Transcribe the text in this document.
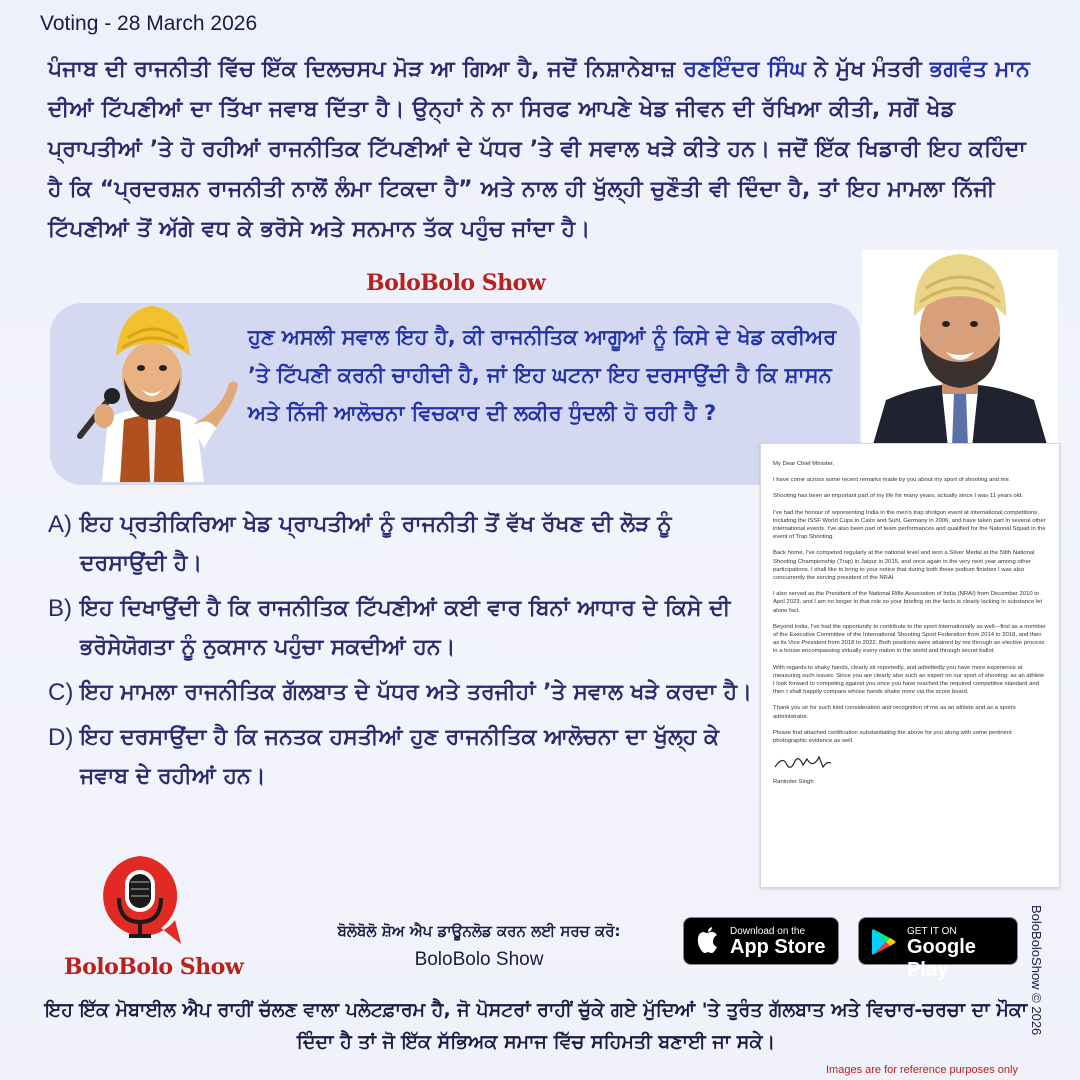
Voting - 28 March 2026
ਪੰਜਾਬ ਦੀ ਰਾਜਨੀਤੀ ਵਿੱਚ ਇੱਕ ਦਿਲਚਸਪ ਮੋੜ ਆ ਗਿਆ ਹੈ, ਜਦੋਂ ਨਿਸ਼ਾਨੇਬਾਜ਼ ਰਣਇੰਦਰ ਸਿੰਘ ਨੇ ਮੁੱਖ ਮੰਤਰੀ ਭਗਵੰਤ ਮਾਨ ਦੀਆਂ ਟਿੱਪਣੀਆਂ ਦਾ ਤਿੱਖਾ ਜਵਾਬ ਦਿੱਤਾ ਹੈ। ਉਨ੍ਹਾਂ ਨੇ ਨਾ ਸਿਰਫ ਆਪਣੇ ਖੇਡ ਜੀਵਨ ਦੀ ਰੱਖਿਆ ਕੀਤੀ, ਸਗੋਂ ਖੇਡ ਪ੍ਰਾਪਤੀਆਂ ’ਤੇ ਹੋ ਰਹੀਆਂ ਰਾਜਨੀਤਿਕ ਟਿੱਪਣੀਆਂ ਦੇ ਪੱਧਰ ’ਤੇ ਵੀ ਸਵਾਲ ਖੜੇ ਕੀਤੇ ਹਨ। ਜਦੋਂ ਇੱਕ ਖਿਡਾਰੀ ਇਹ ਕਹਿੰਦਾ ਹੈ ਕਿ “ਪ੍ਰਦਰਸ਼ਨ ਰਾਜਨੀਤੀ ਨਾਲੋਂ ਲੰਮਾ ਟਿਕਦਾ ਹੈ” ਅਤੇ ਨਾਲ ਹੀ ਖੁੱਲ੍ਹੀ ਚੁਣੌਤੀ ਵੀ ਦਿੰਦਾ ਹੈ, ਤਾਂ ਇਹ ਮਾਮਲਾ ਨਿੱਜੀ ਟਿੱਪਣੀਆਂ ਤੋਂ ਅੱਗੇ ਵਧ ਕੇ ਭਰੋਸੇ ਅਤੇ ਸਨਮਾਨ ਤੱਕ ਪਹੁੰਚ ਜਾਂਦਾ ਹੈ।
BoloBolo Show
ਹੁਣ ਅਸਲੀ ਸਵਾਲ ਇਹ ਹੈ, ਕੀ ਰਾਜਨੀਤਿਕ ਆਗੂਆਂ ਨੂੰ ਕਿਸੇ ਦੇ ਖੇਡ ਕਰੀਅਰ ’ਤੇ ਟਿੱਪਣੀ ਕਰਨੀ ਚਾਹੀਦੀ ਹੈ, ਜਾਂ ਇਹ ਘਟਨਾ ਇਹ ਦਰਸਾਉਂਦੀ ਹੈ ਕਿ ਸ਼ਾਸਨ ਅਤੇ ਨਿੱਜੀ ਆਲੋਚਨਾ ਵਿਚਕਾਰ ਦੀ ਲਕੀਰ ਧੁੰਦਲੀ ਹੋ ਰਹੀ ਹੈ ?

My Dear Chief Minister,

I have come across some recent remarks made by you about my sport of shooting and me.

Shooting has been an important part of my life for many years, actually since I was 11 years old.

I've had the honour of representing India in the men's trap shotgun event at international competitions, including the ISSF World Cups in Cairo and Suhl, Germany in 2006, and have taken part in several other international events. I've also been part of team performances and qualified for the National Squad in the event of Trap Shooting.

Back home, I've competed regularly at the national level and won a Silver Medal at the 59th National Shooting Championship (Trap) in Jaipur in 2015, and once again in the very next year among other participations. I shall like to bring to your notice that during both these podium finishes I was also concurrently the serving president of the NRAI

I also served as the President of the National Rifle Association of India (NRAI) from December 2010 to April 2023, and I am no longer in that role so your briefing on the facts is clearly lacking in substance let alone fact.

Beyond India, I've had the opportunity to contribute to the sport internationally as well—first as a member of the Executive Committee of the International Shooting Sport Federation from 2014 to 2018, and then as its Vice President from 2018 to 2022. Both positions were attained by me through an elective process in a house encompassing virtually every nation in the world and through secret ballot.

With regards to shaky hands, clearly sir reportedly, and admittedly you have more experience at measuring such issues. Since you are clearly also such an expert on our sport of shooting; as an athlete I look forward to competing against you once you have reached the required competitive standard and then I shall happily compare whose hands shake more via the score board.

Thank you sir for such kind consideration and recognition of me as an athlete and as a sports administrator.

Please find attached certification substantiating the above for you along with some pertinent photographic evidence as well.

Raninder Singh
A) ਇਹ ਪ੍ਰਤੀਕਿਰਿਆ ਖੇਡ ਪ੍ਰਾਪਤੀਆਂ ਨੂੰ ਰਾਜਨੀਤੀ ਤੋਂ ਵੱਖ ਰੱਖਣ ਦੀ ਲੋੜ ਨੂੰ ਦਰਸਾਉਂਦੀ ਹੈ।
B) ਇਹ ਦਿਖਾਉਂਦੀ ਹੈ ਕਿ ਰਾਜਨੀਤਿਕ ਟਿੱਪਣੀਆਂ ਕਈ ਵਾਰ ਬਿਨਾਂ ਆਧਾਰ ਦੇ ਕਿਸੇ ਦੀ ਭਰੋਸੇਯੋਗਤਾ ਨੂੰ ਨੁਕਸਾਨ ਪਹੁੰਚਾ ਸਕਦੀਆਂ ਹਨ।
C) ਇਹ ਮਾਮਲਾ ਰਾਜਨੀਤਿਕ ਗੱਲਬਾਤ ਦੇ ਪੱਧਰ ਅਤੇ ਤਰਜੀਹਾਂ ’ਤੇ ਸਵਾਲ ਖੜੇ ਕਰਦਾ ਹੈ।
D) ਇਹ ਦਰਸਾਉਂਦਾ ਹੈ ਕਿ ਜਨਤਕ ਹਸਤੀਆਂ ਹੁਣ ਰਾਜਨੀਤਿਕ ਆਲੋਚਨਾ ਦਾ ਖੁੱਲ੍ਹ ਕੇ ਜਵਾਬ ਦੇ ਰਹੀਆਂ ਹਨ।
BoloBolo Show
ਬੋਲੋਬੋਲੋ ਸ਼ੋਅ ਐਪ ਡਾਊਨਲੋਡ ਕਰਨ ਲਈ ਸਰਚ ਕਰੋ:
BoloBolo Show
Download on the
App Store
GET IT ON
Google Play
ਇਹ ਇੱਕ ਮੋਬਾਈਲ ਐਪ ਰਾਹੀਂ ਚੱਲਣ ਵਾਲਾ ਪਲੇਟਫ਼ਾਰਮ ਹੈ, ਜੋ ਪੋਸਟਰਾਂ ਰਾਹੀਂ ਚੁੱਕੇ ਗਏ ਮੁੱਦਿਆਂ 'ਤੇ ਤੁਰੰਤ ਗੱਲਬਾਤ ਅਤੇ ਵਿਚਾਰ-ਚਰਚਾ ਦਾ ਮੌਕਾ ਦਿੰਦਾ ਹੈ ਤਾਂ ਜੋ ਇੱਕ ਸੱਭਿਅਕ ਸਮਾਜ ਵਿੱਚ ਸਹਿਮਤੀ ਬਣਾਈ ਜਾ ਸਕੇ।
BoloBoloShow © 2026
Images are for reference purposes only
